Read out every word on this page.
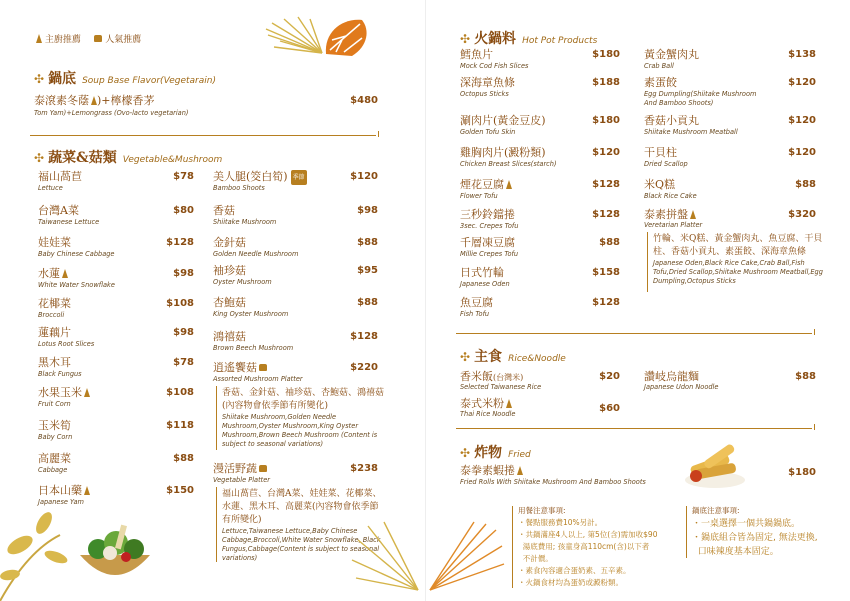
主廚推薦	人氣推薦
✣ 鍋底 Soup Base Flavor(Vegetarain)
泰滾素冬蔭 )+檸檬香茅
Tom Yam)+Lemongrass (Ovo-lacto vegetarian)
$480
✣ 蔬菜&菇類 Vegetable&Mushroom
福山萵苣
Lettuce
$78
台灣A菜
Taiwanese Lettuce
$80
娃娃菜
Baby Chinese Cabbage
$128
水蓮
White Water Snowflake
$98
花椰菜
Broccoli
$108
蓮藕片
Lotus Root Slices
$98
黑木耳
Black Fungus
$78
水果玉米
Fruit Corn
$108
玉米筍
Baby Corn
$118
高麗菜
Cabbage
$88
日本山藥
Japanese Yam
$150
美人腿(筊白筍) 季節
Bamboo Shoots
$120
香菇
Shiitake Mushroom
$98
金針菇
Golden Needle Mushroom
$88
袖珍菇
Oyster Mushroom
$95
杏鮑菇
King Oyster Mushroom
$88
鴻禧菇
Brown Beech Mushroom
$128
逍遙饗菇
Assorted Mushroom Platter
$220
香菇、金針菇、袖珍菇、杏鮑菇、鴻禧菇(內容物會依季節有所變化)
Shiitake Mushroom,Golden Needle Mushroom,Oyster Mushroom,King Oyster Mushroom,Brown Beech Mushroom (Content is subject to seasonal variations)
漫活野蔬
Vegetable Platter
$238
福山萵苣、台灣A菜、娃娃菜、花椰菜、水蓮、黑木耳、高麗菜(內容物會依季節有所變化)
Lettuce,Taiwanese Lettuce,Baby Chinese Cabbage,Broccoli,White Water Snowflake, Black Fungus,Cabbage(Content is subject to seasonal variations)
✣ 火鍋料 Hot Pot Products
鱈魚片
Mock Cod Fish Slices
$180
深海章魚條
Octopus Sticks
$188
涮肉片(黃金豆皮)
Golden Tofu Skin
$180
雞胸肉片(澱粉類)
Chicken Breast Slices(starch)
$120
煙花豆腐
Flower Tofu
$128
三秒鈴鐺捲
3sec. Crepes Tofu
$128
千層凍豆腐
Millie Crepes Tofu
$88
日式竹輪
Japanese Oden
$158
魚豆腐
Fish Tofu
$128
黃金蟹肉丸
Crab Ball
$138
素蛋餃
Egg Dumpling(Shiitake Mushroom
And Bamboo Shoots)
$120
香菇小貢丸
Shiitake Mushroom Meatball
$120
干貝柱
Dried Scallop
$120
米Q糕
Black Rice Cake
$88
泰素拼盤
Veretarian Platter
$320
竹輪、米Q糕、黃金蟹肉丸、魚豆腐、干貝柱、香菇小貢丸、素蛋餃、深海章魚條
Japanese Oden,Black Rice Cake,Crab Ball,Fish Tofu,Dried Scallop,Shiitake Mushroom Meatball,Egg Dumpling,Octopus Sticks
✣ 主食 Rice&Noodle
香米飯(台灣米)
Selected Taiwanese Rice
$20
泰式米粉
Thai Rice Noodle	$60
讚岐烏龍麵
Japanese Udon Noodle
$88
✣ 炸物 Fried
泰拳素蝦捲
Fried Rolls With Shiitake Mushroom And Bamboo Shoots
$180
用餐注意事項:
・餐點服務費10%另計。
・共鍋滿座4人以上, 第5位(含)需加收$90
湯底費用; 孩童身高110cm(含)以下者
不計價。
・素食內容適合蛋奶素、五辛素。
・火鍋食材均為蛋奶或澱粉類。
鍋底注意事項:
・一桌選擇一個共鍋鍋底。
・鍋底組合皆為固定, 無法更換,
口味辣度基本固定。
